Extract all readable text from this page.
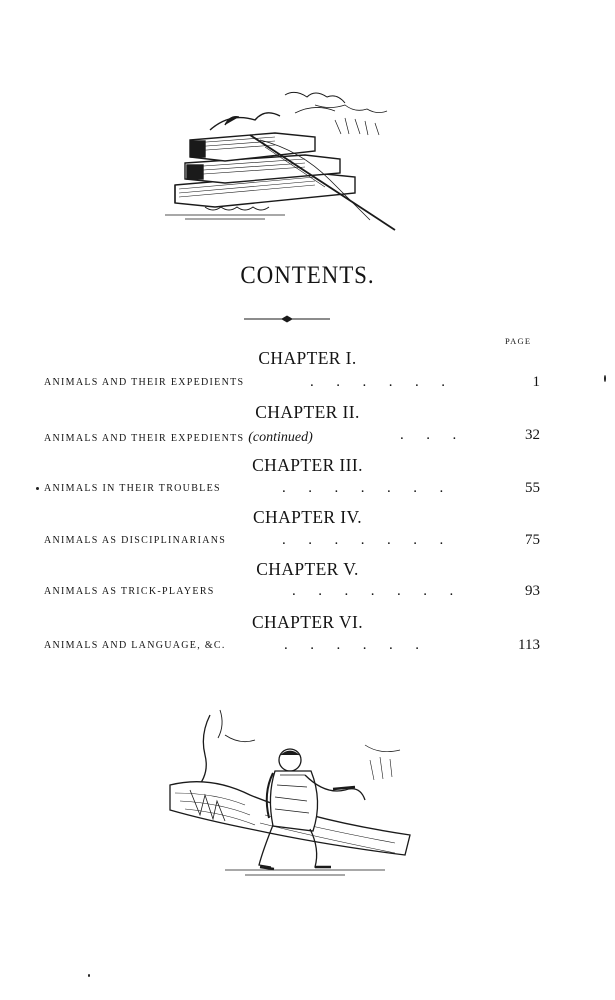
CONTENTS.
PAGE
CHAPTER I.
ANIMALS AND THEIR EXPEDIENTS	.  .  .  .  .  .	1
CHAPTER II.
ANIMALS AND THEIR EXPEDIENTS (continued)	.  .  .	32
CHAPTER III.
ANIMALS IN THEIR TROUBLES	.  .  .  .  .  .  .	55
CHAPTER IV.
ANIMALS AS DISCIPLINARIANS	.  .  .  .  .  .  .	75
CHAPTER V.
ANIMALS AS TRICK-PLAYERS	.  .  .  .  .  .  .	93
CHAPTER VI.
ANIMALS AND LANGUAGE, &C.	.  .  .  .  .  .	113
